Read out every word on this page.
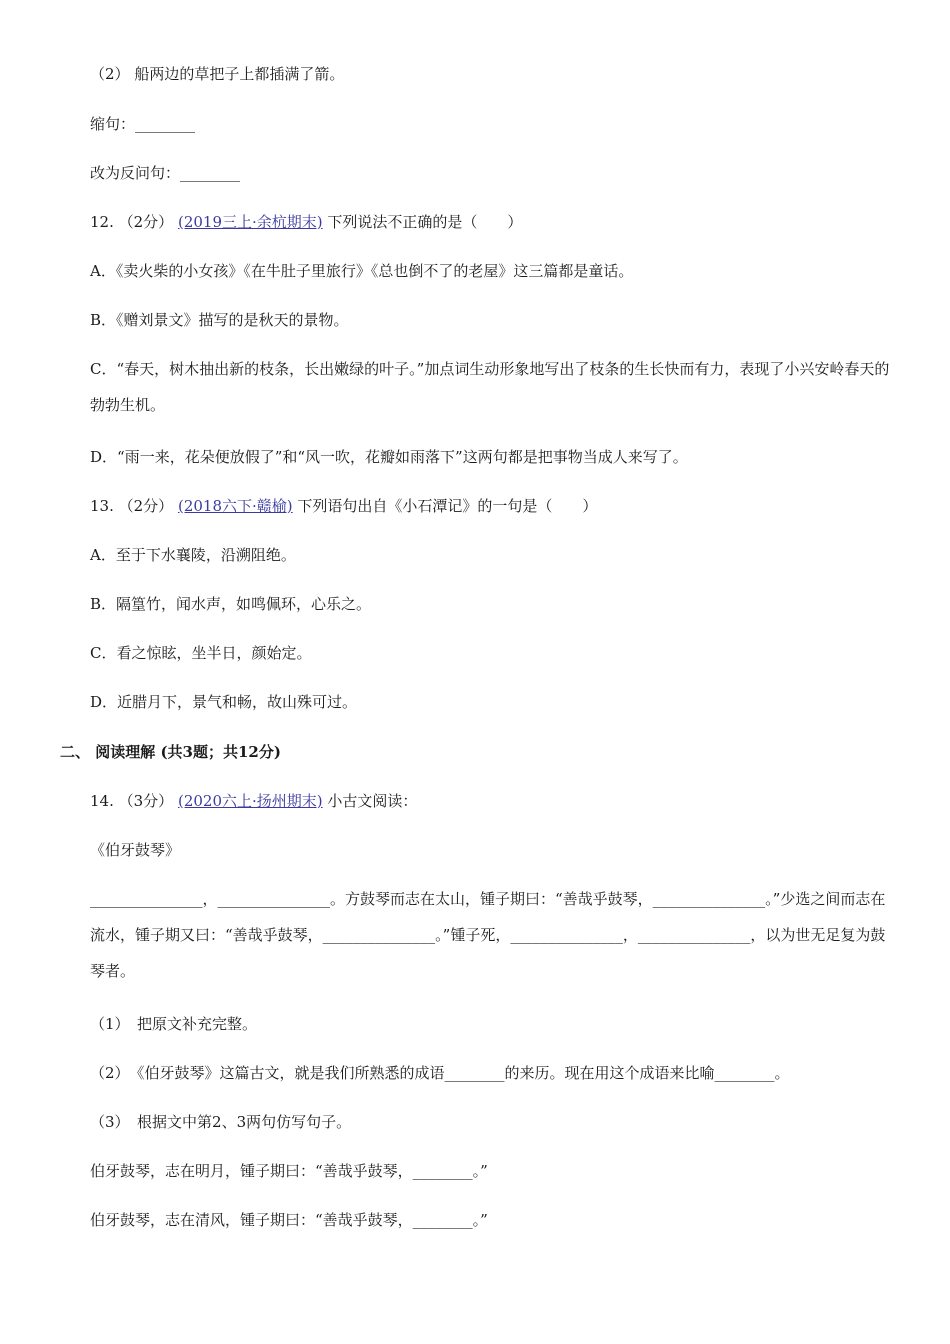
（2） 船两边的草把子上都插满了箭。
缩句：________
改为反问句：________
12. （2分） (2019三上·余杭期末) 下列说法不正确的是（　　）
A．《卖火柴的小女孩》《在牛肚子里旅行》《总也倒不了的老屋》这三篇都是童话。
B．《赠刘景文》描写的是秋天的景物。
C．“春天，树木抽出新的枝条，长出嫩绿的叶子。”加点词生动形象地写出了枝条的生长快而有力，表现了小兴安岭春天的勃勃生机。
D．“雨一来，花朵便放假了”和“风一吹，花瓣如雨落下”这两句都是把事物当成人来写了。
13. （2分） (2018六下·赣榆) 下列语句出自《小石潭记》的一句是（　　）
A．至于下水襄陵，沿溯阻绝。
B．隔篁竹，闻水声，如鸣佩环，心乐之。
C．看之惊眩，坐半日，颜始定。
D．近腊月下，景气和畅，故山殊可过。
二、 阅读理解 (共3题；共12分)
14. （3分） (2020六上·扬州期末) 小古文阅读：
《伯牙鼓琴》
_______________，_______________。方鼓琴而志在太山，锺子期曰：“善哉乎鼓琴，_______________。”少选之间而志在流水，锺子期又曰：“善哉乎鼓琴，_______________。”锺子死，_______________，_______________，以为世无足复为鼓琴者。
（1）　把原文补充完整。
（2）　《伯牙鼓琴》这篇古文，就是我们所熟悉的成语________的来历。现在用这个成语来比喻________。
（3）　根据文中第2、3两句仿写句子。
伯牙鼓琴，志在明月，锺子期曰：“善哉乎鼓琴，________。”
伯牙鼓琴，志在清风，锺子期曰：“善哉乎鼓琴，________。”
